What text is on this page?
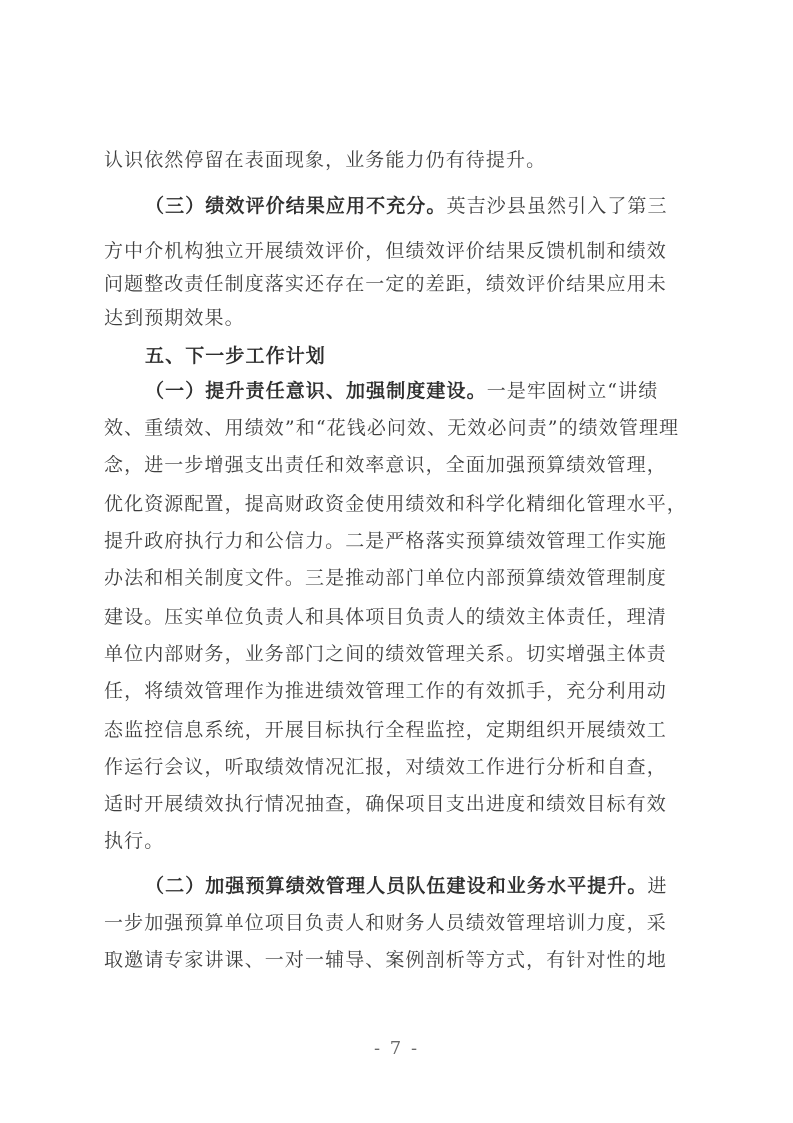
认识依然停留在表面现象，业务能力仍有待提升。
（三）绩效评价结果应用不充分。英吉沙县虽然引入了第三
方中介机构独立开展绩效评价，但绩效评价结果反馈机制和绩效
问题整改责任制度落实还存在一定的差距，绩效评价结果应用未
达到预期效果。
五、下一步工作计划
（一）提升责任意识、加强制度建设。一是牢固树立“讲绩
效、重绩效、用绩效”和“花钱必问效、无效必问责”的绩效管理理
念，进一步增强支出责任和效率意识，全面加强预算绩效管理，
优化资源配置，提高财政资金使用绩效和科学化精细化管理水平，
提升政府执行力和公信力。二是严格落实预算绩效管理工作实施
办法和相关制度文件。三是推动部门单位内部预算绩效管理制度
建设。压实单位负责人和具体项目负责人的绩效主体责任，理清
单位内部财务，业务部门之间的绩效管理关系。切实增强主体责
任，将绩效管理作为推进绩效管理工作的有效抓手，充分利用动
态监控信息系统，开展目标执行全程监控，定期组织开展绩效工
作运行会议，听取绩效情况汇报，对绩效工作进行分析和自查，
适时开展绩效执行情况抽查，确保项目支出进度和绩效目标有效
执行。
（二）加强预算绩效管理人员队伍建设和业务水平提升。进
一步加强预算单位项目负责人和财务人员绩效管理培训力度，采
取邀请专家讲课、一对一辅导、案例剖析等方式，有针对性的地
- 7 -
